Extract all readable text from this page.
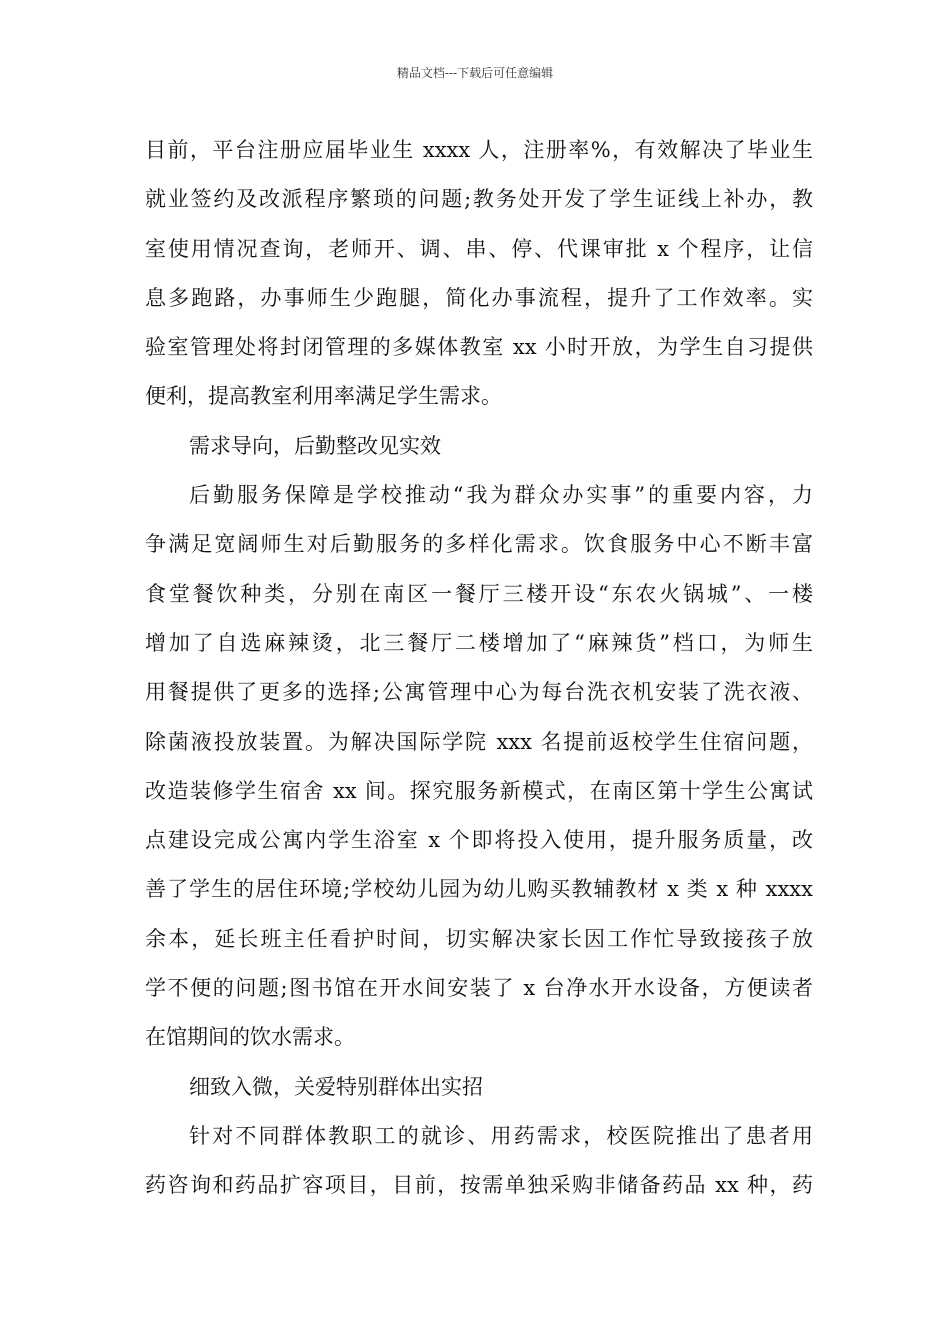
精品文档---下载后可任意编辑
目前，平台注册应届毕业生 xxxx 人，注册率%，有效解决了毕业生
就业签约及改派程序繁琐的问题;教务处开发了学生证线上补办，教
室使用情况查询，老师开、调、串、停、代课审批 x 个程序，让信
息多跑路，办事师生少跑腿，简化办事流程，提升了工作效率。实
验室管理处将封闭管理的多媒体教室 xx 小时开放，为学生自习提供
便利，提高教室利用率满足学生需求。
需求导向，后勤整改见实效
后勤服务保障是学校推动“我为群众办实事”的重要内容，力
争满足宽阔师生对后勤服务的多样化需求。饮食服务中心不断丰富
食堂餐饮种类，分别在南区一餐厅三楼开设“东农火锅城”、一楼
增加了自选麻辣烫，北三餐厅二楼增加了“麻辣货”档口，为师生
用餐提供了更多的选择;公寓管理中心为每台洗衣机安装了洗衣液、
除菌液投放装置。为解决国际学院 xxx 名提前返校学生住宿问题，
改造装修学生宿舍 xx 间。探究服务新模式，在南区第十学生公寓试
点建设完成公寓内学生浴室 x 个即将投入使用，提升服务质量，改
善了学生的居住环境;学校幼儿园为幼儿购买教辅教材 x 类 x 种 xxxx
余本，延长班主任看护时间，切实解决家长因工作忙导致接孩子放
学不便的问题;图书馆在开水间安装了 x 台净水开水设备，方便读者
在馆期间的饮水需求。
细致入微，关爱特别群体出实招
针对不同群体教职工的就诊、用药需求，校医院推出了患者用
药咨询和药品扩容项目，目前，按需单独采购非储备药品 xx 种，药
